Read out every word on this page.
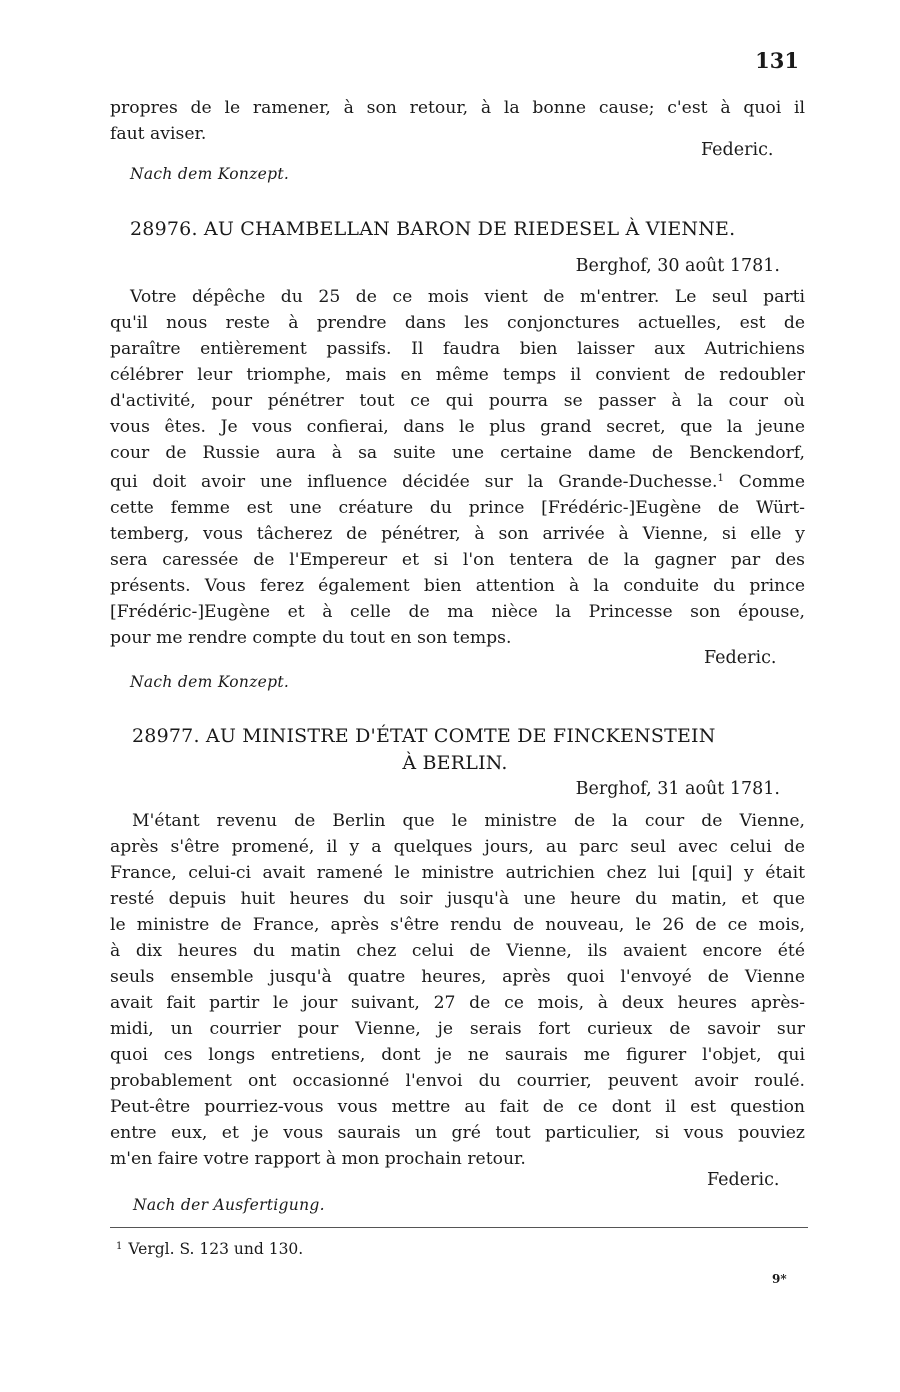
131
propres de le ramener, à son retour, à la bonne cause; c'est à quoi il
faut aviser.
Federic.
Nach dem Konzept.
28976. AU CHAMBELLAN BARON DE RIEDESEL À VIENNE.
Berghof, 30 août 1781.
Votre dépêche du 25 de ce mois vient de m'entrer. Le seul parti
qu'il nous reste à prendre dans les conjonctures actuelles, est de
paraître entièrement passifs. Il faudra bien laisser aux Autrichiens
célébrer leur triomphe, mais en même temps il convient de redoubler
d'activité, pour pénétrer tout ce qui pourra se passer à la cour où
vous êtes. Je vous confierai, dans le plus grand secret, que la jeune
cour de Russie aura à sa suite une certaine dame de Benckendorf,
qui doit avoir une influence décidée sur la Grande-Duchesse.$^1$ Comme
cette femme est une créature du prince [Frédéric-]Eugène de Würt-
temberg, vous tâcherez de pénétrer, à son arrivée à Vienne, si elle y
sera caressée de l'Empereur et si l'on tentera de la gagner par des
présents. Vous ferez également bien attention à la conduite du prince
[Frédéric-]Eugène et à celle de ma nièce la Princesse son épouse,
pour me rendre compte du tout en son temps.
Federic.
Nach dem Konzept.
28977. AU MINISTRE D'ÉTAT COMTE DE FINCKENSTEIN
À BERLIN.
Berghof, 31 août 1781.
M'étant revenu de Berlin que le ministre de la cour de Vienne,
après s'être promené, il y a quelques jours, au parc seul avec celui de
France, celui-ci avait ramené le ministre autrichien chez lui [qui] y était
resté depuis huit heures du soir jusqu'à une heure du matin, et que
le ministre de France, après s'être rendu de nouveau, le 26 de ce mois,
à dix heures du matin chez celui de Vienne, ils avaient encore été
seuls ensemble jusqu'à quatre heures, après quoi l'envoyé de Vienne
avait fait partir le jour suivant, 27 de ce mois, à deux heures après-
midi, un courrier pour Vienne, je serais fort curieux de savoir sur
quoi ces longs entretiens, dont je ne saurais me figurer l'objet, qui
probablement ont occasionné l'envoi du courrier, peuvent avoir roulé.
Peut-être pourriez-vous vous mettre au fait de ce dont il est question
entre eux, et je vous saurais un gré tout particulier, si vous pouviez
m'en faire votre rapport à mon prochain retour.
Federic.
Nach der Ausfertigung.
$^1$ Vergl. S. 123 und 130.
9*
